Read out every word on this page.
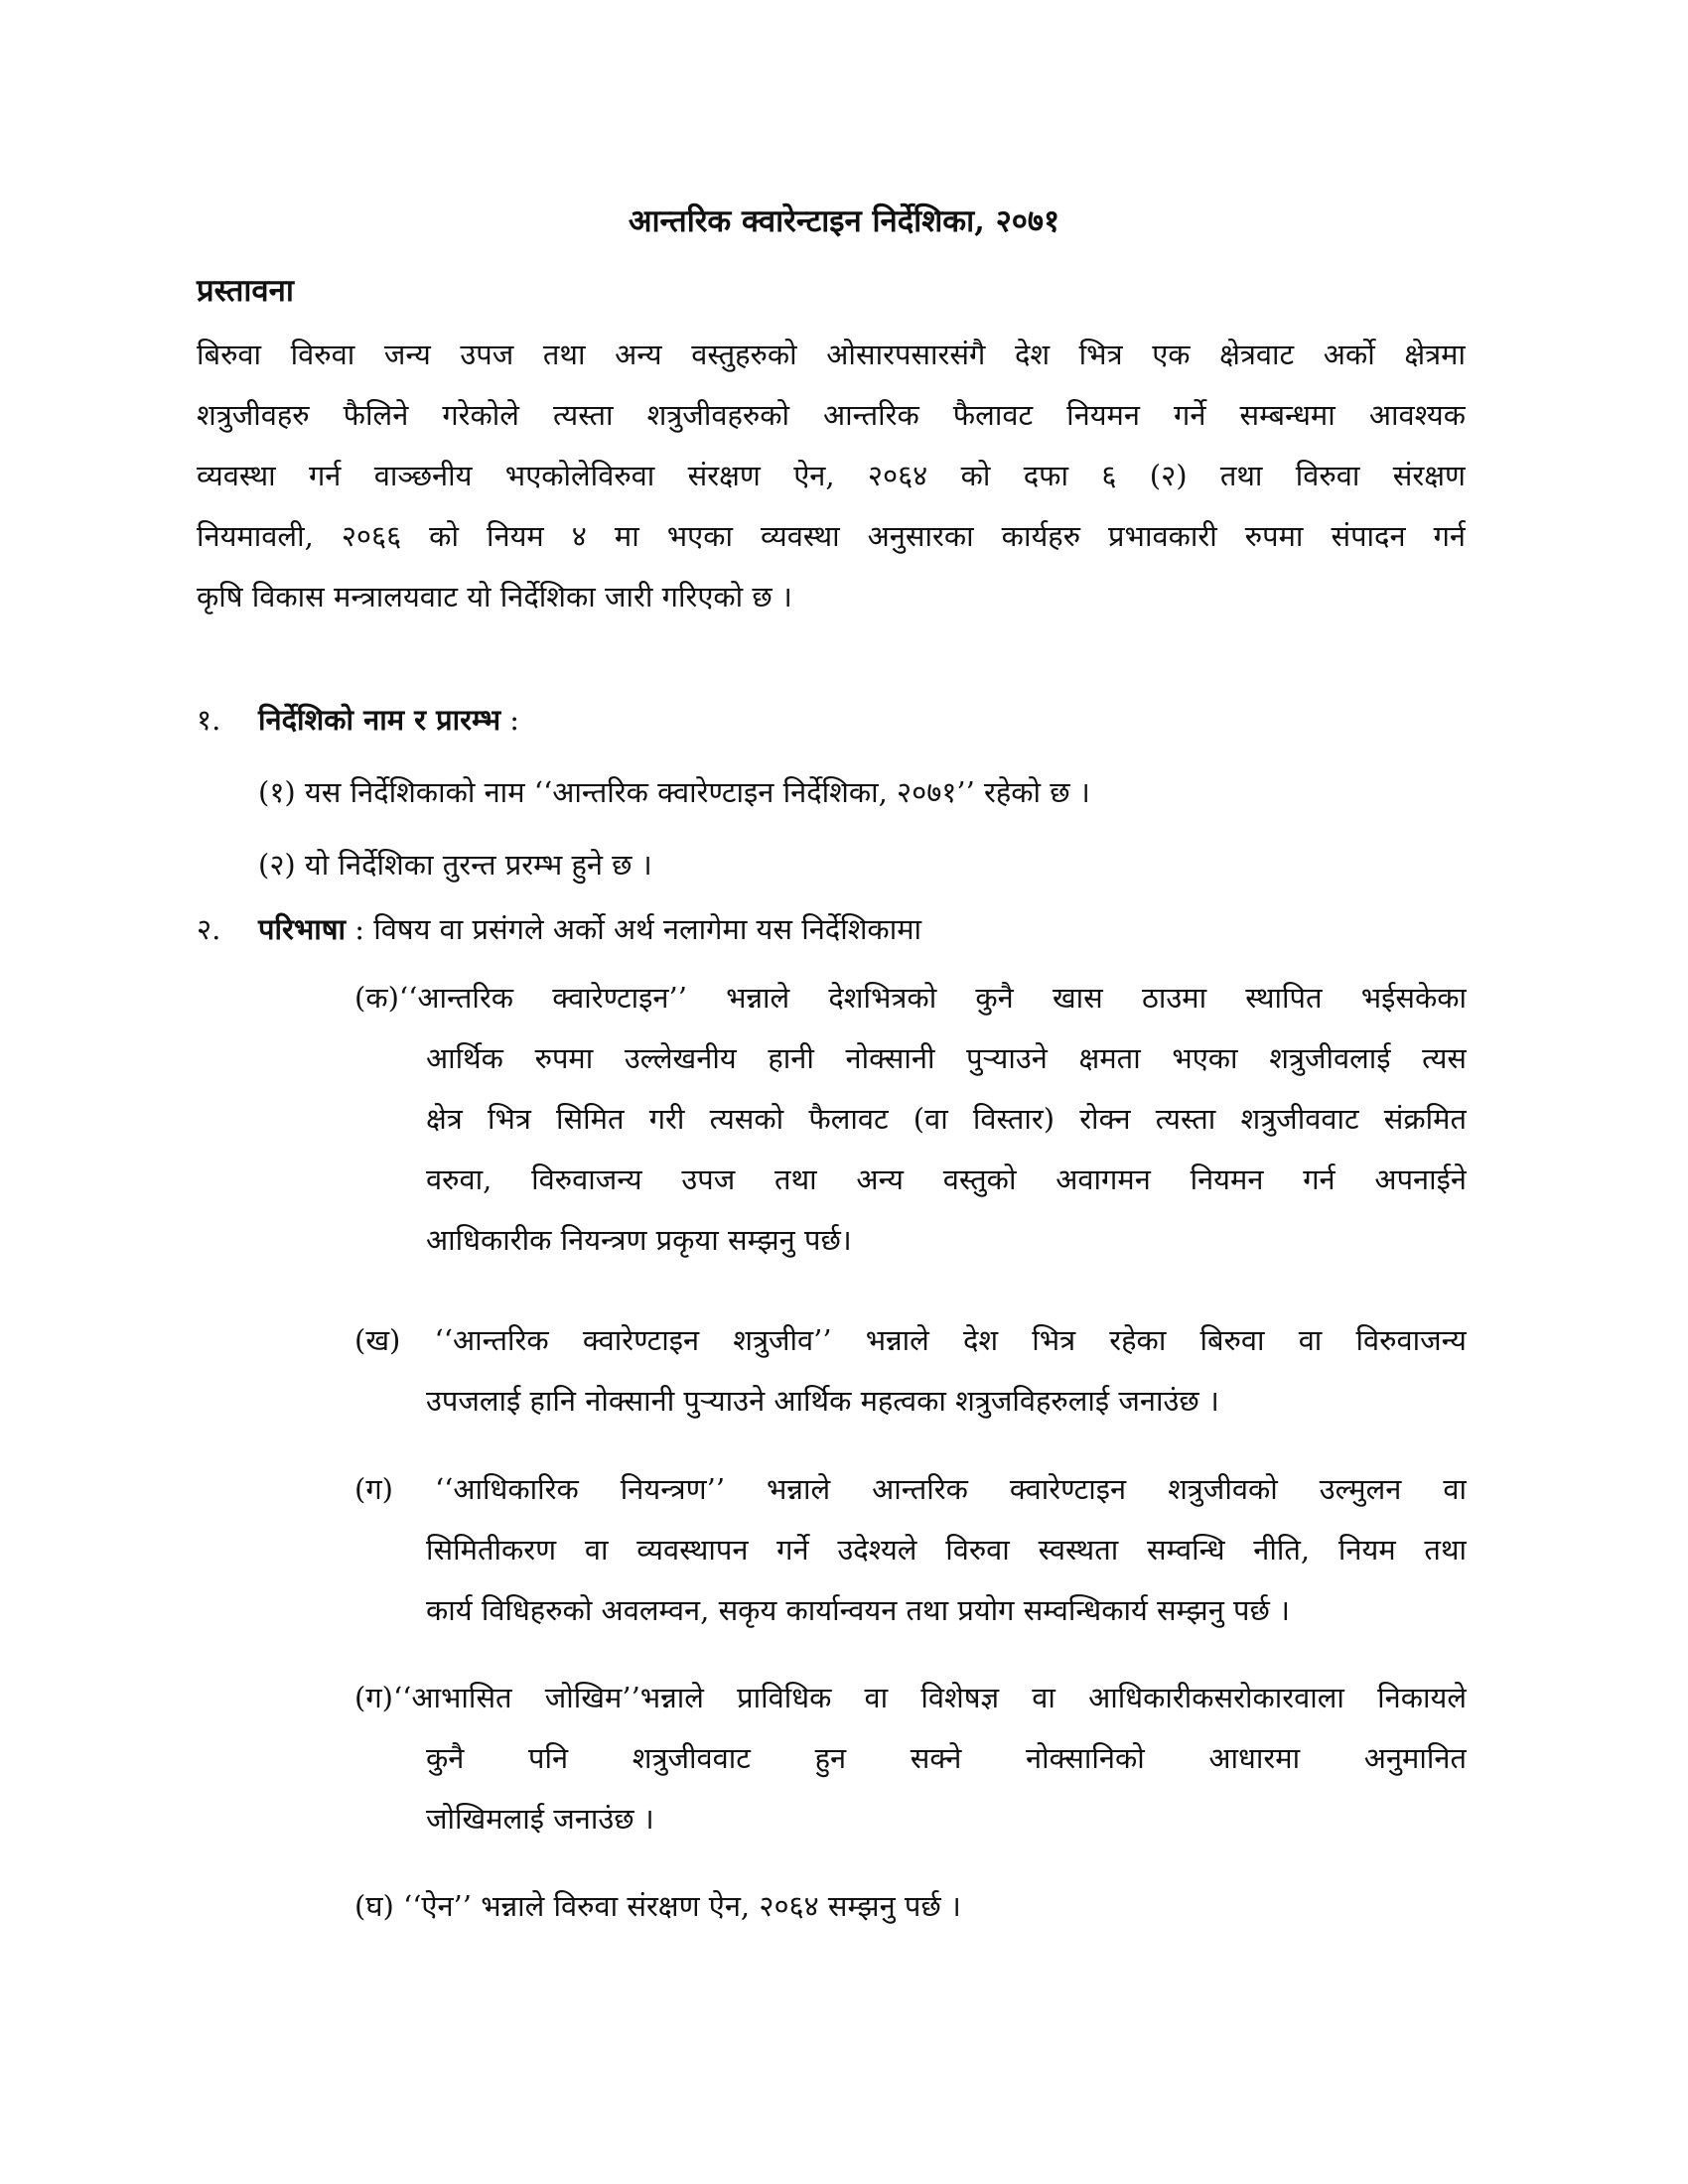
आन्तरिक क्वारेन्टाइन निर्देशिका, २०७१
प्रस्तावना
बिरुवा विरुवा जन्य उपज तथा अन्य वस्तुहरुको ओसारपसारसंगै देश भित्र एक क्षेत्रवाट अर्को क्षेत्रमा
शत्रुजीवहरु फैलिने गरेकोले त्यस्ता शत्रुजीवहरुको आन्तरिक फैलावट नियमन गर्ने सम्बन्धमा आवश्यक
व्यवस्था गर्न वाञ्छनीय भएकोलेविरुवा संरक्षण ऐन, २०६४ को दफा ६ (२) तथा विरुवा संरक्षण
नियमावली, २०६६ को नियम ४ मा भएका व्यवस्था अनुसारका कार्यहरु प्रभावकारी रुपमा संपादन गर्न
कृषि विकास मन्त्रालयवाट यो निर्देशिका जारी गरिएको छ ।
१. निर्देशिको नाम र प्रारम्भ :
(१) यस निर्देशिकाको नाम ‘‘आन्तरिक क्वारेण्टाइन निर्देशिका, २०७१’’ रहेको छ ।
(२) यो निर्देशिका तुरन्त प्ररम्भ हुने छ ।
२. परिभाषा : विषय वा प्रसंगले अर्को अर्थ नलागेमा यस निर्देशिकामा
(क)‘‘आन्तरिक क्वारेण्टाइन’’ भन्नाले देशभित्रको कुनै खास ठाउमा स्थापित भईसकेका
आर्थिक रुपमा उल्लेखनीय हानी नोक्सानी पुऱ्याउने क्षमता भएका शत्रुजीवलाई त्यस
क्षेत्र भित्र सिमित गरी त्यसको फैलावट (वा विस्तार) रोक्न त्यस्ता शत्रुजीववाट संक्रमित
वरुवा, विरुवाजन्य उपज तथा अन्य वस्तुको अवागमन नियमन गर्न अपनाईने
आधिकारीक नियन्त्रण प्रकृया सम्झनु पर्छ।
(ख) ‘‘आन्तरिक क्वारेण्टाइन शत्रुजीव’’ भन्नाले देश भित्र रहेका बिरुवा वा विरुवाजन्य
उपजलाई हानि नोक्सानी पुऱ्याउने आर्थिक महत्वका शत्रुजविहरुलाई जनाउंछ ।
(ग) ‘‘आधिकारिक नियन्त्रण’’ भन्नाले आन्तरिक क्वारेण्टाइन शत्रुजीवको उल्मुलन वा
सिमितीकरण वा व्यवस्थापन गर्ने उदेश्यले विरुवा स्वस्थता सम्वन्धि नीति, नियम तथा
कार्य विधिहरुको अवलम्वन, सकृय कार्यान्वयन तथा प्रयोग सम्वन्धिकार्य सम्झनु पर्छ ।
(ग)‘‘आभासित जोखिम’’भन्नाले प्राविधिक वा विशेषज्ञ वा आधिकारीकसरोकारवाला निकायले
कुनै पनि शत्रुजीववाट हुन सक्ने नोक्सानिको आधारमा अनुमानित
जोखिमलाई जनाउंछ ।
(घ) ‘‘ऐन’’ भन्नाले विरुवा संरक्षण ऐन, २०६४ सम्झनु पर्छ ।
